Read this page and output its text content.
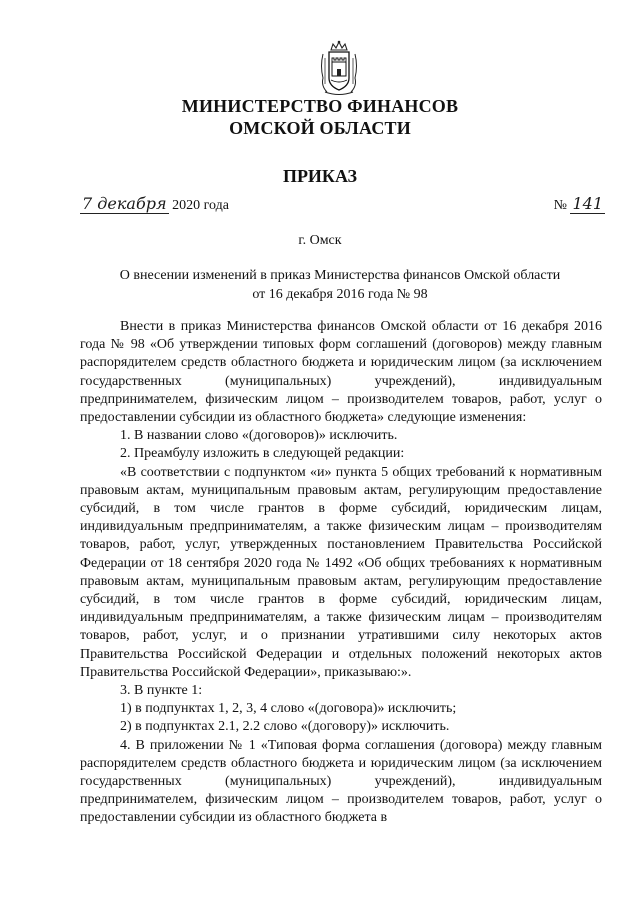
МИНИСТЕРСТВО ФИНАНСОВ
ОМСКОЙ ОБЛАСТИ
ПРИКАЗ
7 декабря 2020 года	№ 141
г. Омск
О внесении изменений в приказ Министерства финансов Омской области
от 16 декабря 2016 года № 98

Внести в приказ Министерства финансов Омской области от 16 декабря 2016 года № 98 «Об утверждении типовых форм соглашений (договоров) между главным распорядителем средств областного бюджета и юридическим лицом (за исключением государственных (муниципальных) учреждений), индивидуальным предпринимателем, физическим лицом – производителем товаров, работ, услуг о предоставлении субсидии из областного бюджета» следующие изменения:

1. В названии слово «(договоров)» исключить.

2. Преамбулу изложить в следующей редакции:

«В соответствии с подпунктом «и» пункта 5 общих требований к нормативным правовым актам, муниципальным правовым актам, регулирующим предоставление субсидий, в том числе грантов в форме субсидий, юридическим лицам, индивидуальным предпринимателям, а также физическим лицам – производителям товаров, работ, услуг, утвержденных постановлением Правительства Российской Федерации от 18 сентября 2020 года № 1492 «Об общих требованиях к нормативным правовым актам, муниципальным правовым актам, регулирующим предоставление субсидий, в том числе грантов в форме субсидий, юридическим лицам, индивидуальным предпринимателям, а также физическим лицам – производителям товаров, работ, услуг, и о признании утратившими силу некоторых актов Правительства Российской Федерации и отдельных положений некоторых актов Правительства Российской Федерации», приказываю:».

3. В пункте 1:

1) в подпунктах 1, 2, 3, 4 слово «(договора)» исключить;

2) в подпунктах 2.1, 2.2 слово «(договору)» исключить.

4. В приложении № 1 «Типовая форма соглашения (договора) между главным распорядителем средств областного бюджета и юридическим лицом (за исключением государственных (муниципальных) учреждений), индивидуальным предпринимателем, физическим лицом – производителем товаров, работ, услуг о предоставлении субсидии из областного бюджета в
